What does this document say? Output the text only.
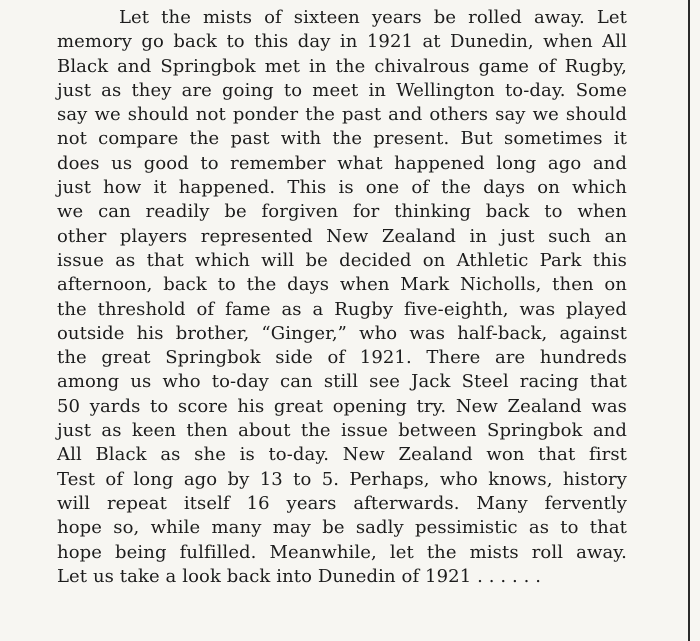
Let the mists of sixteen years be rolled away. Let
memory go back to this day in 1921 at Dunedin, when All
Black and Springbok met in the chivalrous game of Rugby,
just as they are going to meet in Wellington to-day. Some
say we should not ponder the past and others say we should
not compare the past with the present. But sometimes it
does us good to remember what happened long ago and
just how it happened. This is one of the days on which
we can readily be forgiven for thinking back to when
other players represented New Zealand in just such an
issue as that which will be decided on Athletic Park this
afternoon, back to the days when Mark Nicholls, then on
the threshold of fame as a Rugby five-eighth, was played
outside his brother, “Ginger,” who was half-back, against
the great Springbok side of 1921. There are hundreds
among us who to-day can still see Jack Steel racing that
50 yards to score his great opening try. New Zealand was
just as keen then about the issue between Springbok and
All Black as she is to-day. New Zealand won that first
Test of long ago by 13 to 5. Perhaps, who knows, history
will repeat itself 16 years afterwards. Many fervently
hope so, while many may be sadly pessimistic as to that
hope being fulfilled. Meanwhile, let the mists roll away.
Let us take a look back into Dunedin of 1921 . . . . . .
